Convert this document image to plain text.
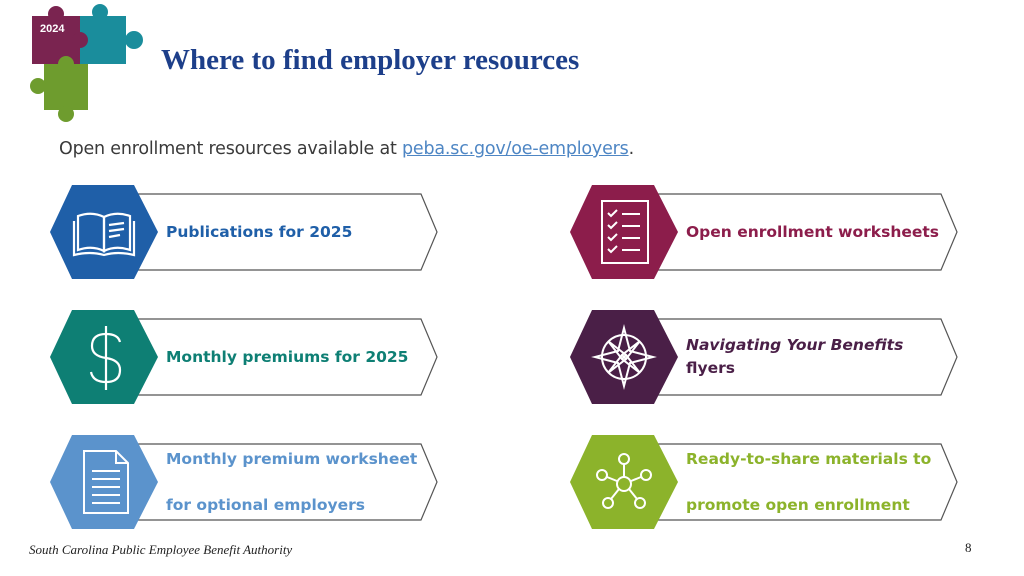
2024
Where to find employer resources
Open enrollment resources available at peba.sc.gov/oe-employers.
Publications for 2025	Open enrollment worksheets
Monthly premiums for 2025
Navigating Your Benefits

flyers
Monthly premium worksheet

for optional employers
Ready-to-share materials to

promote open enrollment
South Carolina Public Employee Benefit Authority	8
